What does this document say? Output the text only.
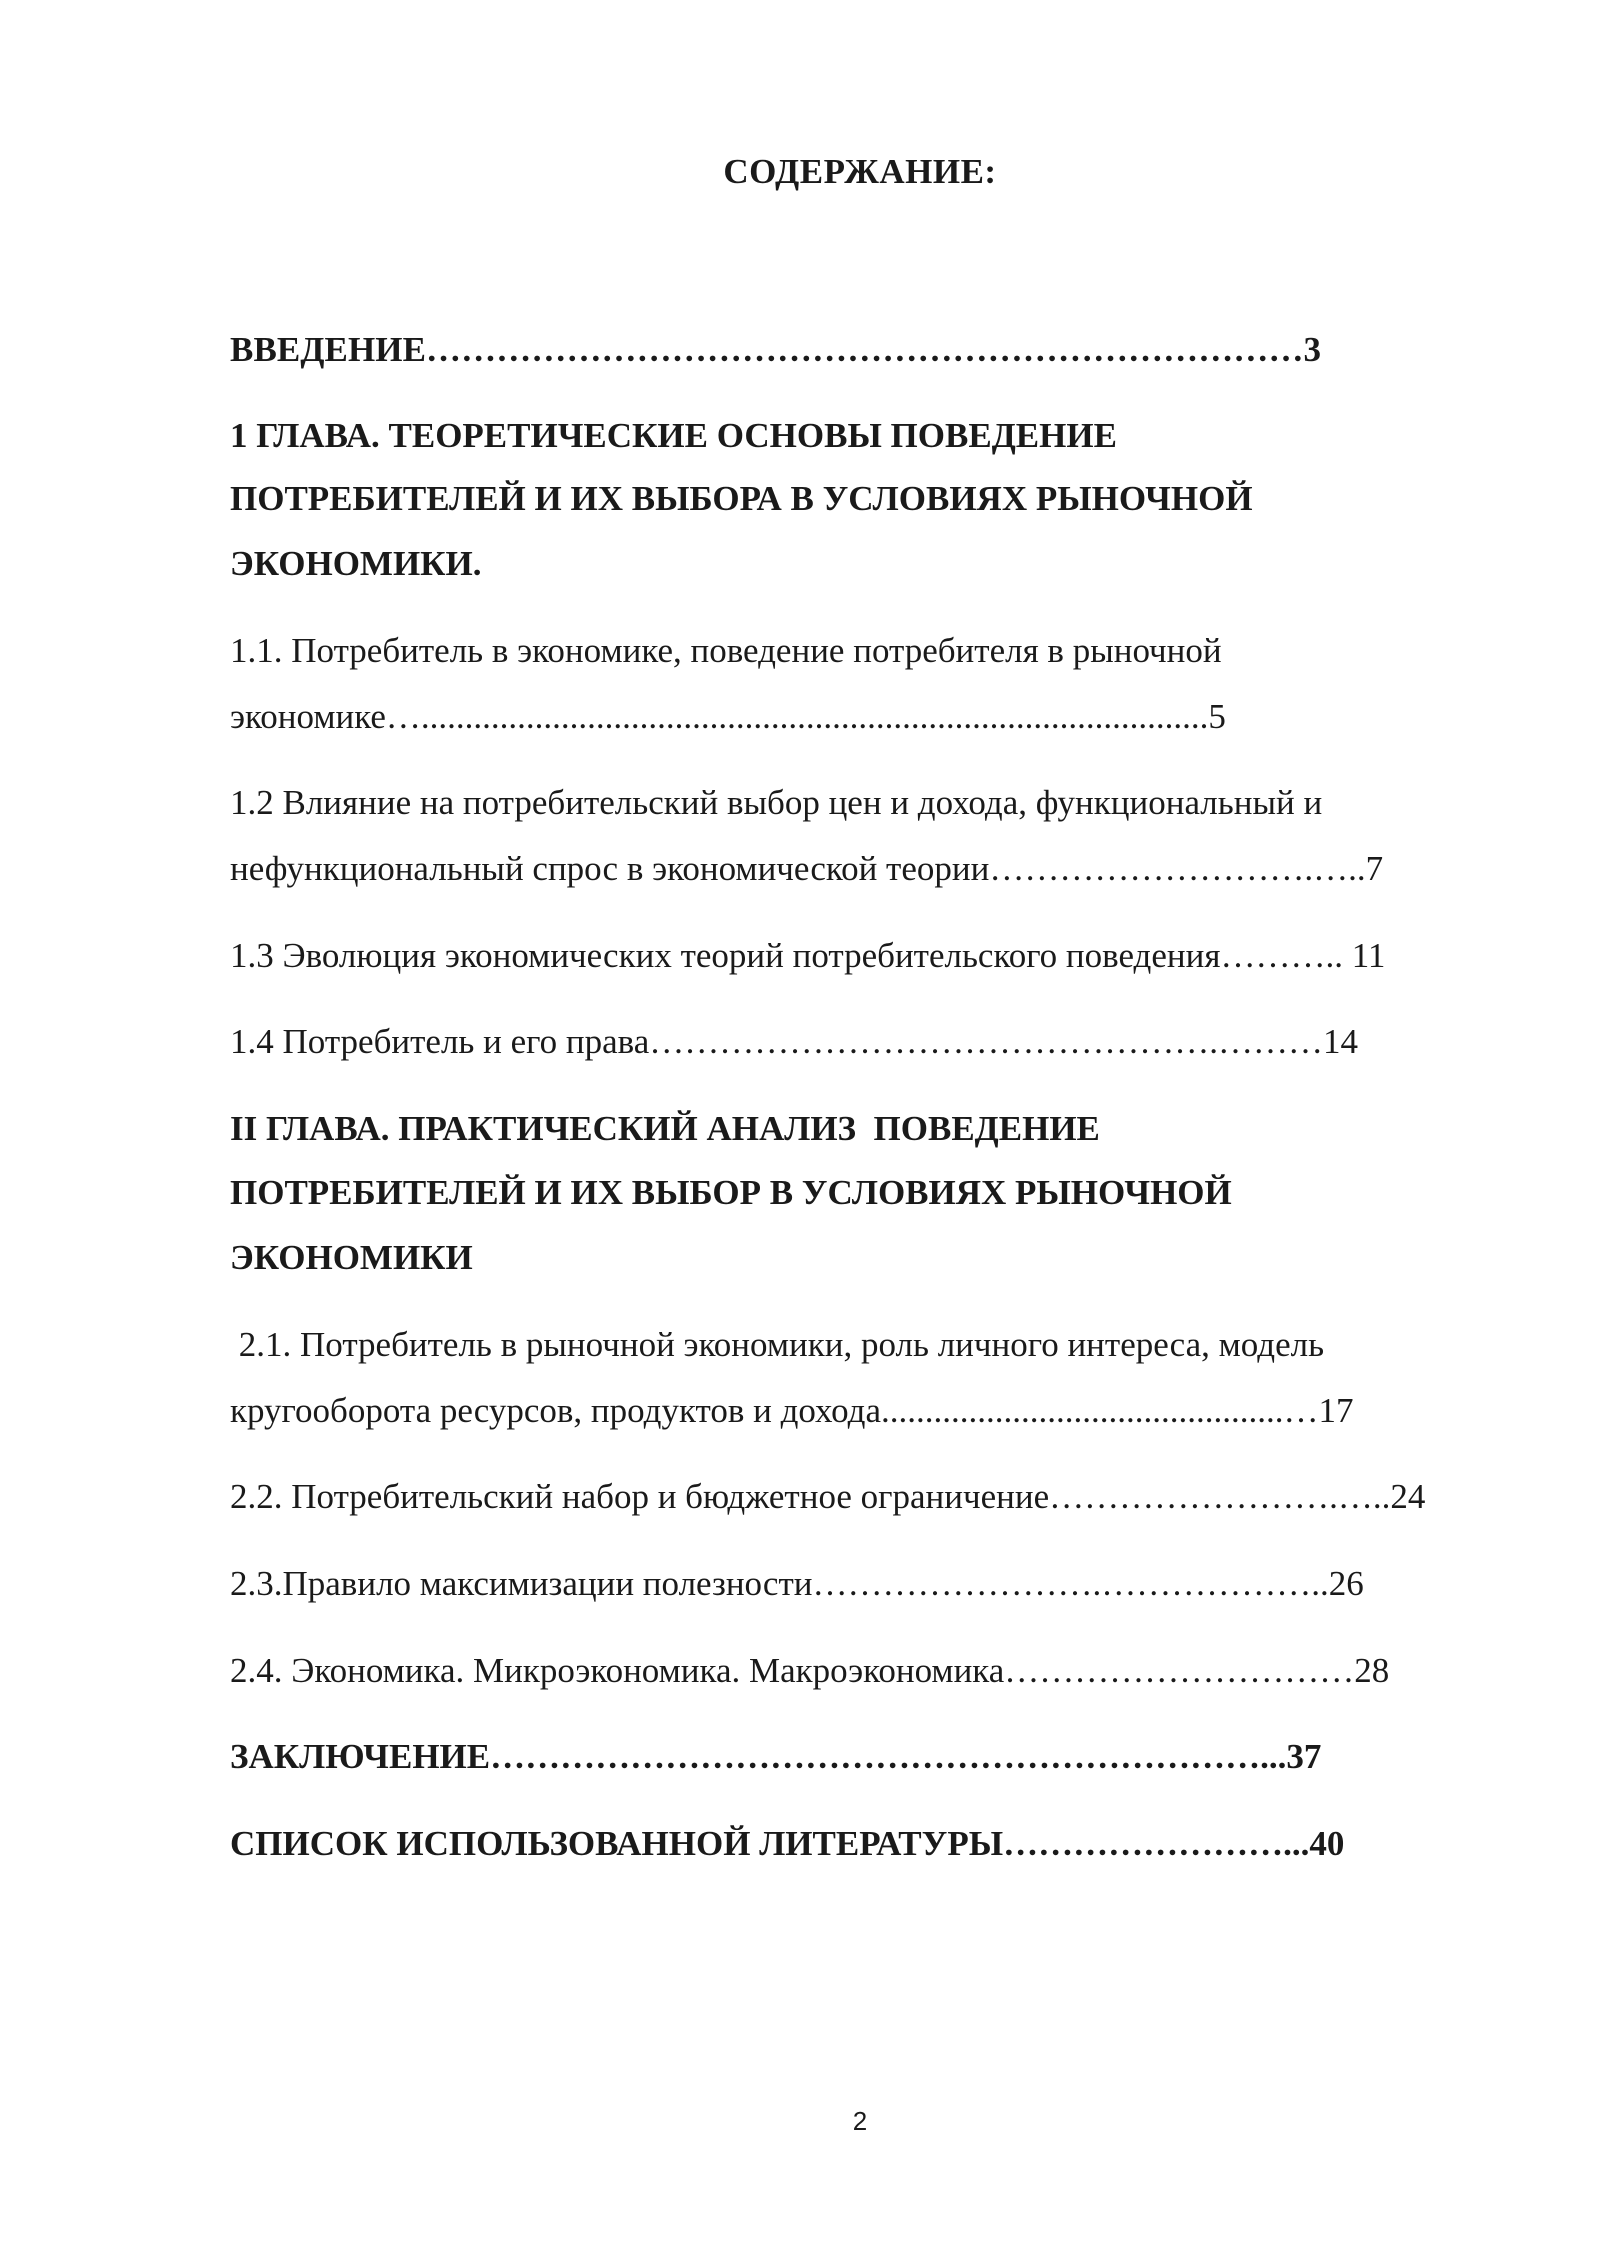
СОДЕРЖАНИЕ:
ВВЕДЕНИЕ…………………………………………………………………3
1 ГЛАВА. ТЕОРЕТИЧЕСКИЕ ОСНОВЫ ПОВЕДЕНИЕ
ПОТРЕБИТЕЛЕЙ И ИХ ВЫБОРА В УСЛОВИЯХ РЫНОЧНОЙ
ЭКОНОМИКИ.
1.1. Потребитель в экономике, поведение потребителя в рыночной
экономике…..........................................................................................5
1.2 Влияние на потребительский выбор цен и дохода, функциональный и
нефункциональный спрос в экономической теории……………………….…..7
1.3 Эволюция экономических теорий потребительского поведения……….. 11
1.4 Потребитель и его права………………………………………….………14
II ГЛАВА. ПРАКТИЧЕСКИЙ АНАЛИЗ  ПОВЕДЕНИЕ
ПОТРЕБИТЕЛЕЙ И ИХ ВЫБОР В УСЛОВИЯХ РЫНОЧНОЙ
ЭКОНОМИКИ
2.1. Потребитель в рыночной экономики, роль личного интереса, модель
кругооборота ресурсов, продуктов и дохода..............................................…17
2.2. Потребительский набор и бюджетное ограничение…………………….…..24
2.3.Правило максимизации полезности…………………….………………..26
2.4. Экономика. Микроэкономика. Макроэкономика…………………………28
ЗАКЛЮЧЕНИЕ…………………………………………………………...37
СПИСОК ИСПОЛЬЗОВАННОЙ ЛИТЕРАТУРЫ……………………...40
2
